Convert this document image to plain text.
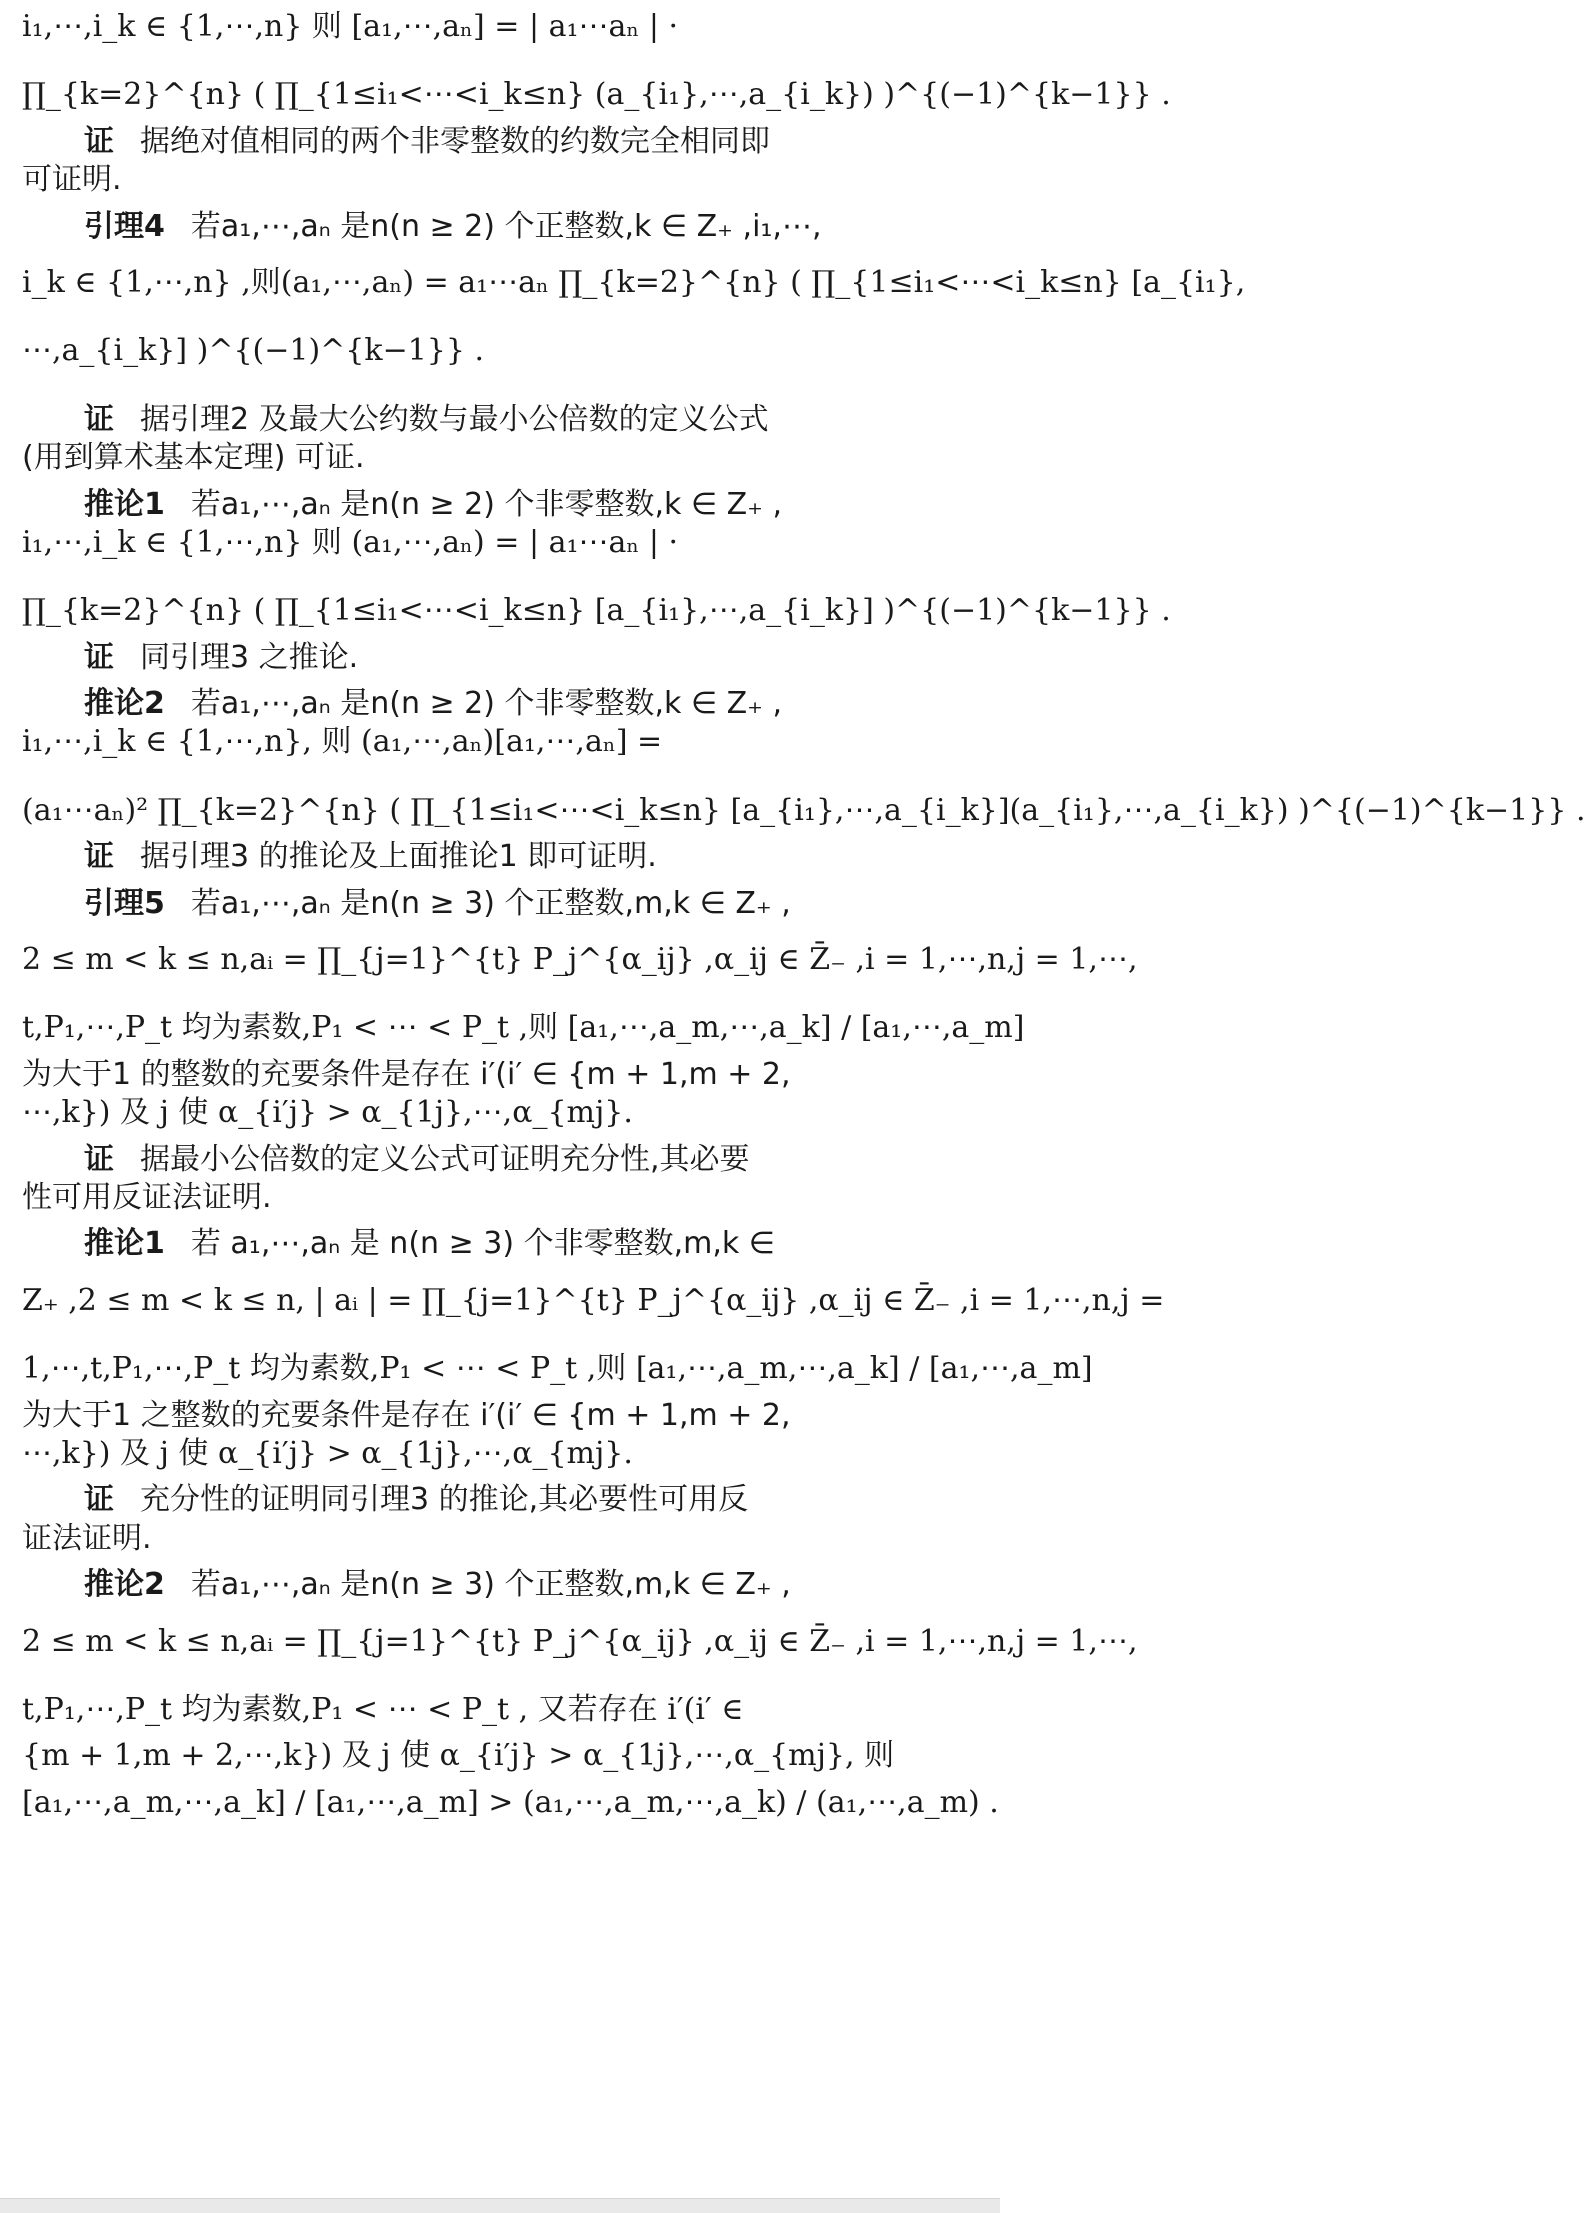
i₁,⋯,i_k ∈ {1,⋯,n} 则 [a₁,⋯,aₙ] = | a₁⋯aₙ | ·

∏_{k=2}^{n} ( ∏_{1≤i₁<⋯<i_k≤n} (a_{i₁},⋯,a_{i_k}) )^{(−1)^{k−1}} .

证 据绝对值相同的两个非零整数的约数完全相同即

可证明.

引理4 若a₁,⋯,aₙ 是n(n ≥ 2) 个正整数,k ∈ Z₊ ,i₁,⋯,

i_k ∈ {1,⋯,n} ,则(a₁,⋯,aₙ) = a₁⋯aₙ ∏_{k=2}^{n} ( ∏_{1≤i₁<⋯<i_k≤n} [a_{i₁},

⋯,a_{i_k}] )^{(−1)^{k−1}} .

证 据引理2 及最大公约数与最小公倍数的定义公式

(用到算术基本定理) 可证.

推论1 若a₁,⋯,aₙ 是n(n ≥ 2) 个非零整数,k ∈ Z₊ ,

i₁,⋯,i_k ∈ {1,⋯,n} 则 (a₁,⋯,aₙ) = | a₁⋯aₙ | ·

∏_{k=2}^{n} ( ∏_{1≤i₁<⋯<i_k≤n} [a_{i₁},⋯,a_{i_k}] )^{(−1)^{k−1}} .

证 同引理3 之推论.

推论2 若a₁,⋯,aₙ 是n(n ≥ 2) 个非零整数,k ∈ Z₊ ,

i₁,⋯,i_k ∈ {1,⋯,n}, 则 (a₁,⋯,aₙ)[a₁,⋯,aₙ] =

(a₁⋯aₙ)² ∏_{k=2}^{n} ( ∏_{1≤i₁<⋯<i_k≤n} [a_{i₁},⋯,a_{i_k}](a_{i₁},⋯,a_{i_k}) )^{(−1)^{k−1}} .

证 据引理3 的推论及上面推论1 即可证明.

引理5 若a₁,⋯,aₙ 是n(n ≥ 3) 个正整数,m,k ∈ Z₊ ,

2 ≤ m < k ≤ n,aᵢ = ∏_{j=1}^{t} P_j^{α_ij} ,α_ij ∈ Z̄₋ ,i = 1,⋯,n,j = 1,⋯,

t,P₁,⋯,P_t 均为素数,P₁ < ⋯ < P_t ,则 [a₁,⋯,a_m,⋯,a_k] / [a₁,⋯,a_m]

为大于1 的整数的充要条件是存在 i′(i′ ∈ {m + 1,m + 2,

⋯,k}) 及 j 使 α_{i′j} > α_{1j},⋯,α_{mj}.

证 据最小公倍数的定义公式可证明充分性,其必要

性可用反证法证明.

推论1 若 a₁,⋯,aₙ 是 n(n ≥ 3) 个非零整数,m,k ∈

Z₊ ,2 ≤ m < k ≤ n, | aᵢ | = ∏_{j=1}^{t} P_j^{α_ij} ,α_ij ∈ Z̄₋ ,i = 1,⋯,n,j =

1,⋯,t,P₁,⋯,P_t 均为素数,P₁ < ⋯ < P_t ,则 [a₁,⋯,a_m,⋯,a_k] / [a₁,⋯,a_m]

为大于1 之整数的充要条件是存在 i′(i′ ∈ {m + 1,m + 2,

⋯,k}) 及 j 使 α_{i′j} > α_{1j},⋯,α_{mj}.

证 充分性的证明同引理3 的推论,其必要性可用反

证法证明.

推论2 若a₁,⋯,aₙ 是n(n ≥ 3) 个正整数,m,k ∈ Z₊ ,

2 ≤ m < k ≤ n,aᵢ = ∏_{j=1}^{t} P_j^{α_ij} ,α_ij ∈ Z̄₋ ,i = 1,⋯,n,j = 1,⋯,

t,P₁,⋯,P_t 均为素数,P₁ < ⋯ < P_t , 又若存在 i′(i′ ∈

{m + 1,m + 2,⋯,k}) 及 j 使 α_{i′j} > α_{1j},⋯,α_{mj}, 则

[a₁,⋯,a_m,⋯,a_k] / [a₁,⋯,a_m] > (a₁,⋯,a_m,⋯,a_k) / (a₁,⋯,a_m) .
